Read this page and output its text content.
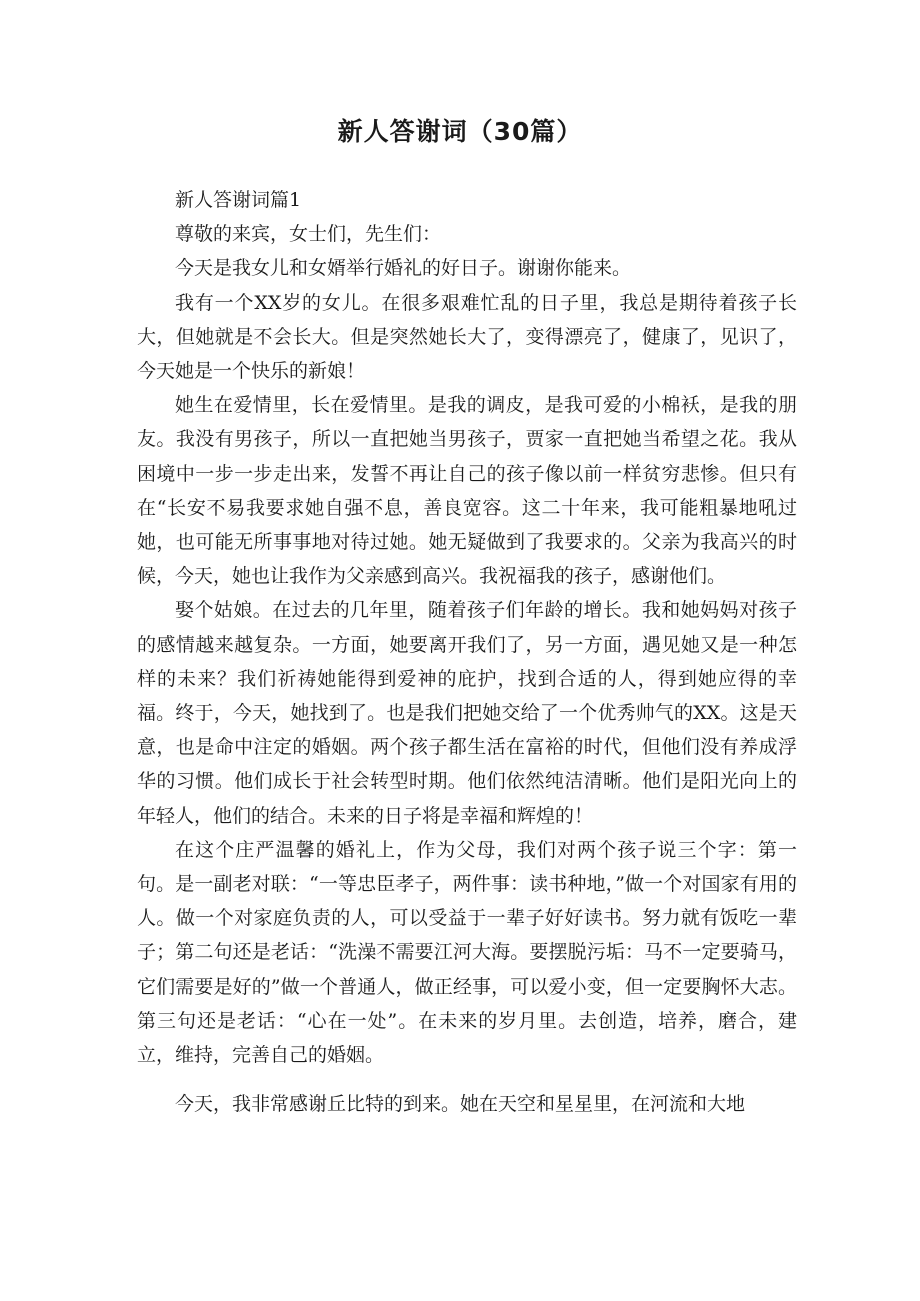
新人答谢词（30篇）

新人答谢词篇1

尊敬的来宾，女士们，先生们：

今天是我女儿和女婿举行婚礼的好日子。谢谢你能来。

我有一个XX岁的女儿。在很多艰难忙乱的日子里，我总是期待着孩子长大，但她就是不会长大。但是突然她长大了，变得漂亮了，健康了，见识了，今天她是一个快乐的新娘！

她生在爱情里，长在爱情里。是我的调皮，是我可爱的小棉袄，是我的朋友。我没有男孩子，所以一直把她当男孩子，贾家一直把她当希望之花。我从困境中一步一步走出来，发誓不再让自己的孩子像以前一样贫穷悲惨。但只有在“长安不易我要求她自强不息，善良宽容。这二十年来，我可能粗暴地吼过她，也可能无所事事地对待过她。她无疑做到了我要求的。父亲为我高兴的时候，今天，她也让我作为父亲感到高兴。我祝福我的孩子，感谢他们。

娶个姑娘。在过去的几年里，随着孩子们年龄的增长。我和她妈妈对孩子的感情越来越复杂。一方面，她要离开我们了，另一方面，遇见她又是一种怎样的未来？我们祈祷她能得到爱神的庇护，找到合适的人，得到她应得的幸福。终于，今天，她找到了。也是我们把她交给了一个优秀帅气的XX。这是天意，也是命中注定的婚姻。两个孩子都生活在富裕的时代，但他们没有养成浮华的习惯。他们成长于社会转型时期。他们依然纯洁清晰。他们是阳光向上的年轻人，他们的结合。未来的日子将是幸福和辉煌的！

在这个庄严温馨的婚礼上，作为父母，我们对两个孩子说三个字：第一句。是一副老对联：“一等忠臣孝子，两件事：读书种地，”做一个对国家有用的人。做一个对家庭负责的人，可以受益于一辈子好好读书。努力就有饭吃一辈子；第二句还是老话：“洗澡不需要江河大海。要摆脱污垢：马不一定要骑马，它们需要是好的”做一个普通人，做正经事，可以爱小变，但一定要胸怀大志。第三句还是老话：“心在一处”。在未来的岁月里。去创造，培养，磨合，建立，维持，完善自己的婚姻。

今天，我非常感谢丘比特的到来。她在天空和星星里，在河流和大地
